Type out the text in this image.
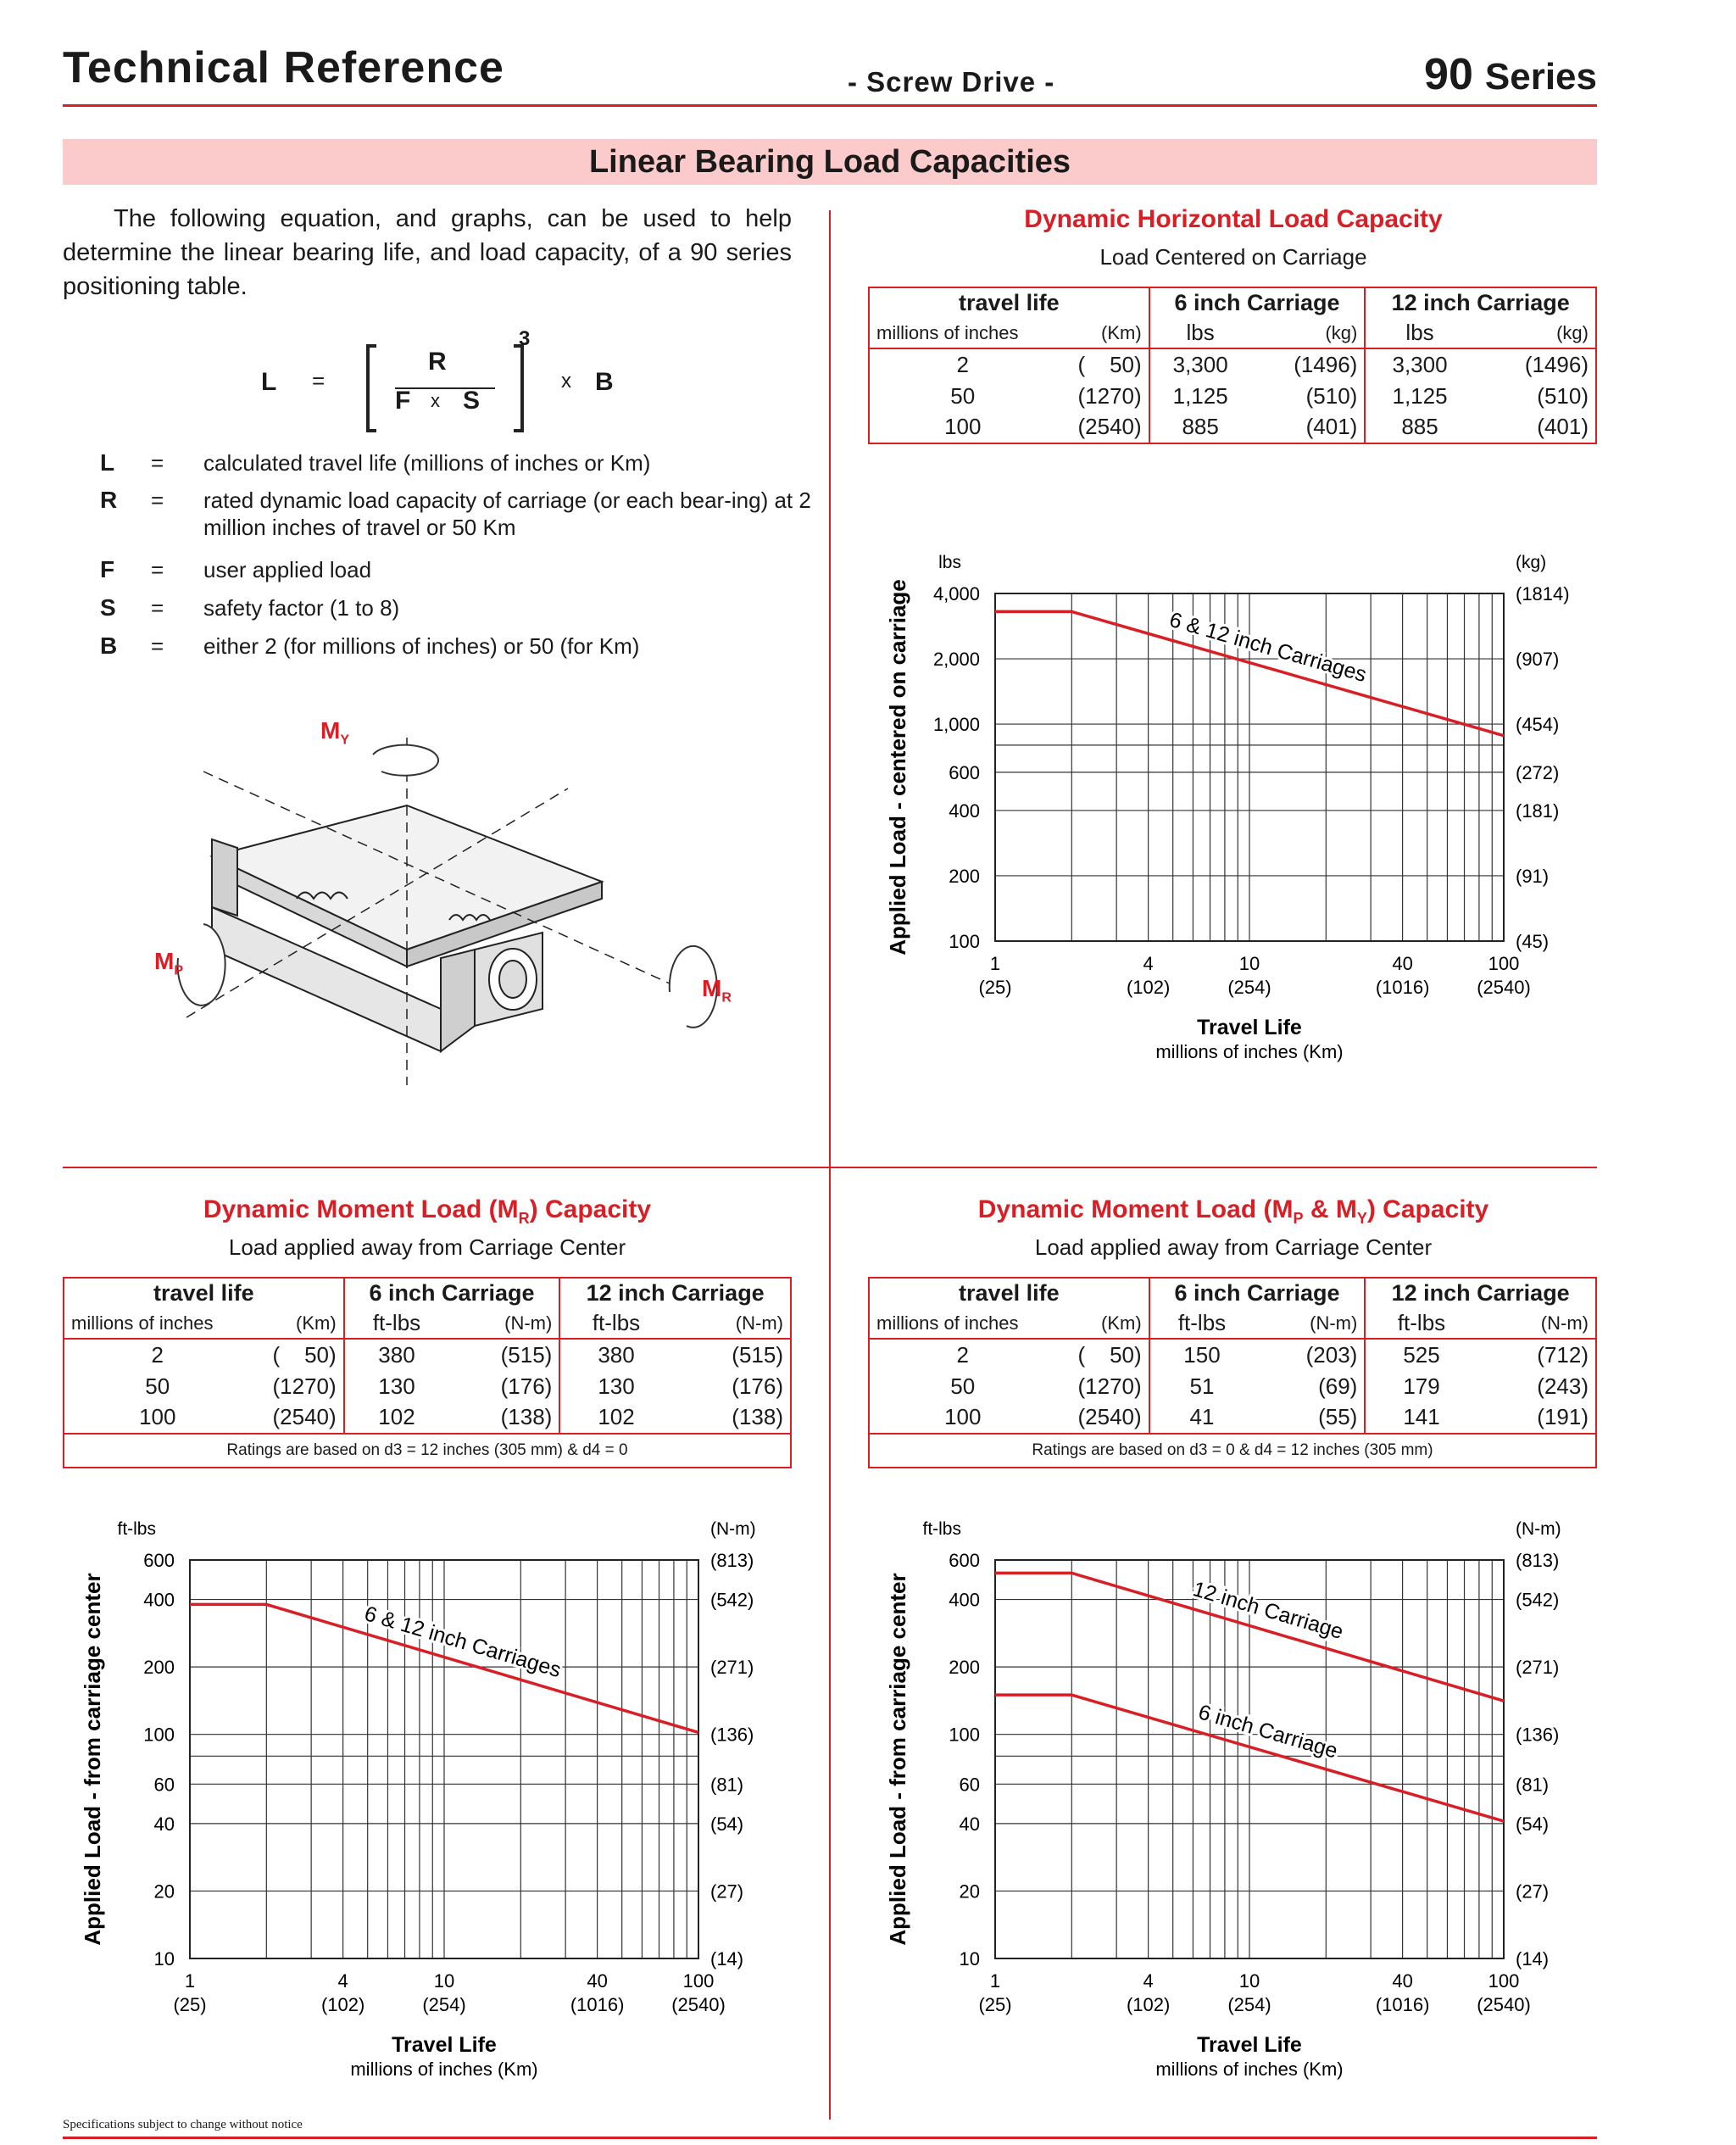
Technical Reference	- Screw Drive -	90 Series
Linear Bearing Load Capacities
The following equation, and graphs, can be used to help determine the linear bearing life, and load capacity, of a 90 series positioning table.
L =
R
F x S
3
x B
L = calculated travel life (millions of inches or Km)
R = rated dynamic load capacity of carriage (or each bear-ing) at 2 million inches of travel or 50 Km
F = user applied load
S = safety factor (1 to 8)
B = either 2 (for millions of inches) or 50 (for Km)
$M_Y$
$M_P$
$M_R$
Dynamic Horizontal Load Capacity
Load Centered on Carriage
travel life		6 inch Carriage		12 inch Carriage	
millions of inches	(Km)	lbs	(kg)	lbs	(kg)
2	(    50)	3,300	(1496)	3,300	(1496)
50	(1270)	1,125	(510)	1,125	(510)
100	(2540)	885	(401)	885	(401)
Dynamic Moment Load $(M_R)$ Capacity
Load applied away from Carriage Center
travel life		6 inch Carriage		12 inch Carriage	
millions of inches	(Km)	ft-lbs	(N-m)	ft-lbs	(N-m)
2	(    50)	380	(515)	380	(515)
50	(1270)	130	(176)	130	(176)
100	(2540)	102	(138)	102	(138)
Ratings are based on d3 = 12 inches (305 mm) & d4 = 0					
Dynamic Moment Load ($M_P$ & $M_Y$) Capacity
Load applied away from Carriage Center
travel life		6 inch Carriage		12 inch Carriage	
millions of inches	(Km)	ft-lbs	(N-m)	ft-lbs	(N-m)
2	(    50)	150	(203)	525	(712)
50	(1270)	51	(69)	179	(243)
100	(2540)	41	(55)	141	(191)
Ratings are based on d3 = 0 & d4 = 12 inches (305 mm)					
4,000	(1814)
2,000	(907)
1,000	(454)
600	(272)
400	(181)
200	(91)
100	(45)
lbs	(kg)
1
(25)
4
(102)
10
(254)
40
(1016)
100
(2540)
Travel Life
millions of inches (Km)
Applied Load - centered on carriage	6 & 12 inch Carriages
600	(813)
400	(542)
200	(271)
100	(136)
60	(81)
40	(54)
20	(27)
10	(14)
ft-lbs	(N-m)
1
(25)
4
(102)
10
(254)
40
(1016)
100
(2540)
Travel Life
millions of inches (Km)
Applied Load - from carriage center	6 & 12 inch Carriages
600	(813)
400	(542)
200	(271)
100	(136)
60	(81)
40	(54)
20	(27)
10	(14)
ft-lbs	(N-m)
1
(25)
4
(102)
10
(254)
40
(1016)
100
(2540)
Travel Life
millions of inches (Km)
Applied Load - from carriage center	12 inch Carriage
6 inch Carriage
Specifications subject to change without notice
